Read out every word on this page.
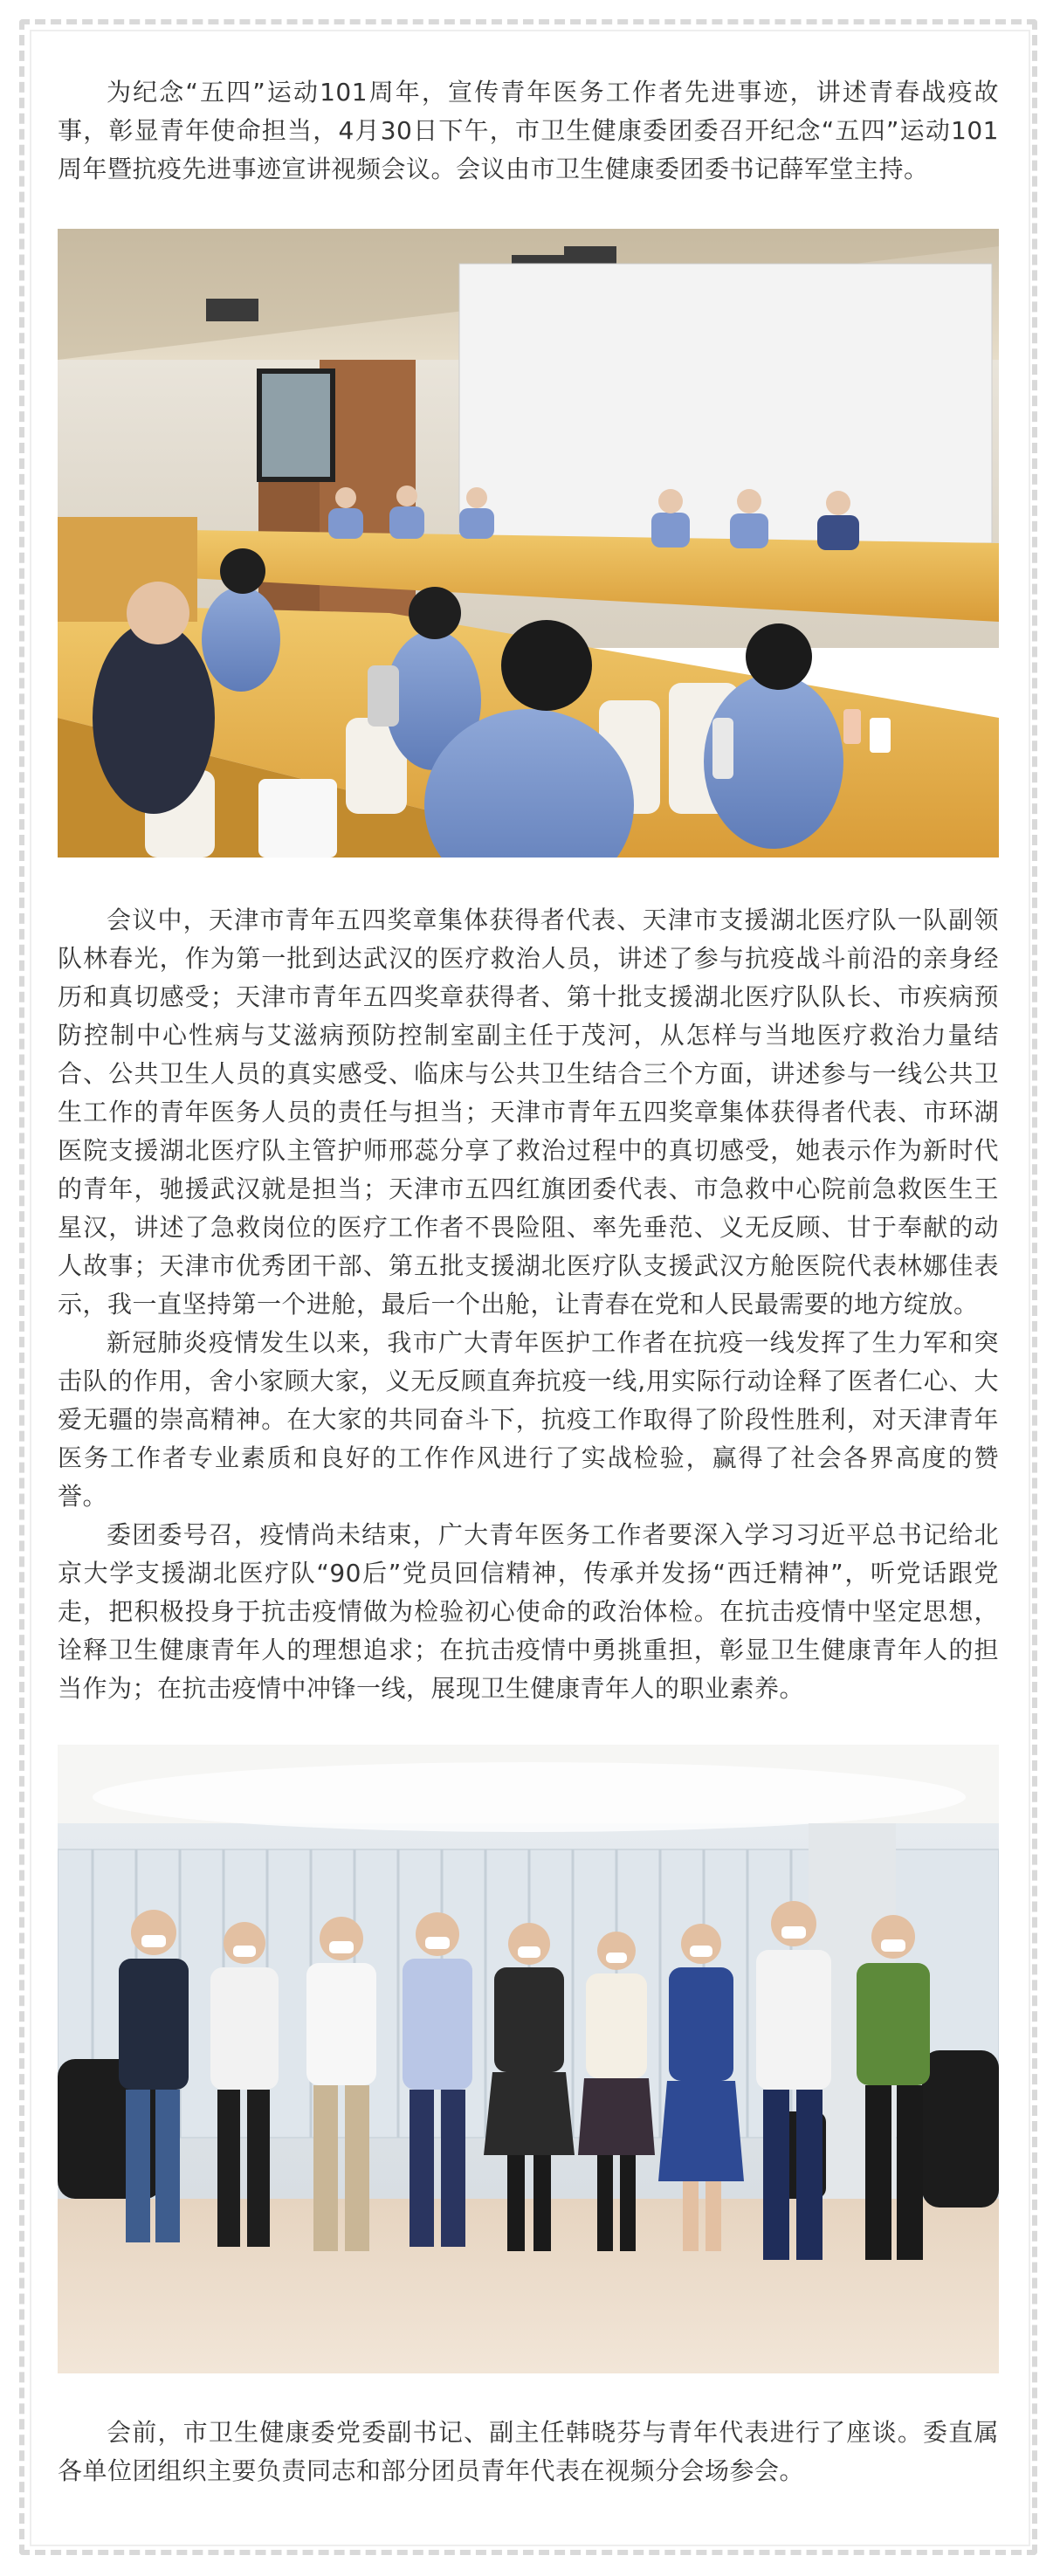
为纪念“五四”运动101周年，宣传青年医务工作者先进事迹，讲述青春战疫故事，彰显青年使命担当，4月30日下午，市卫生健康委团委召开纪念“五四”运动101周年暨抗疫先进事迹宣讲视频会议。会议由市卫生健康委团委书记薛军堂主持。

会议中，天津市青年五四奖章集体获得者代表、天津市支援湖北医疗队一队副领队林春光，作为第一批到达武汉的医疗救治人员，讲述了参与抗疫战斗前沿的亲身经历和真切感受；天津市青年五四奖章获得者、第十批支援湖北医疗队队长、市疾病预防控制中心性病与艾滋病预防控制室副主任于茂河，从怎样与当地医疗救治力量结合、公共卫生人员的真实感受、临床与公共卫生结合三个方面，讲述参与一线公共卫生工作的青年医务人员的责任与担当；天津市青年五四奖章集体获得者代表、市环湖医院支援湖北医疗队主管护师邢蕊分享了救治过程中的真切感受，她表示作为新时代的青年，驰援武汉就是担当；天津市五四红旗团委代表、市急救中心院前急救医生王星汉，讲述了急救岗位的医疗工作者不畏险阻、率先垂范、义无反顾、甘于奉献的动人故事；天津市优秀团干部、第五批支援湖北医疗队支援武汉方舱医院代表林娜佳表示，我一直坚持第一个进舱，最后一个出舱，让青春在党和人民最需要的地方绽放。

新冠肺炎疫情发生以来，我市广大青年医护工作者在抗疫一线发挥了生力军和突击队的作用，舍小家顾大家，义无反顾直奔抗疫一线,用实际行动诠释了医者仁心、大爱无疆的崇高精神。在大家的共同奋斗下，抗疫工作取得了阶段性胜利，对天津青年医务工作者专业素质和良好的工作作风进行了实战检验，赢得了社会各界高度的赞誉。

委团委号召，疫情尚未结束，广大青年医务工作者要深入学习习近平总书记给北京大学支援湖北医疗队“90后”党员回信精神，传承并发扬“西迁精神”，听党话跟党走，把积极投身于抗击疫情做为检验初心使命的政治体检。在抗击疫情中坚定思想，诠释卫生健康青年人的理想追求；在抗击疫情中勇挑重担，彰显卫生健康青年人的担当作为；在抗击疫情中冲锋一线，展现卫生健康青年人的职业素养。

会前，市卫生健康委党委副书记、副主任韩晓芬与青年代表进行了座谈。委直属各单位团组织主要负责同志和部分团员青年代表在视频分会场参会。
